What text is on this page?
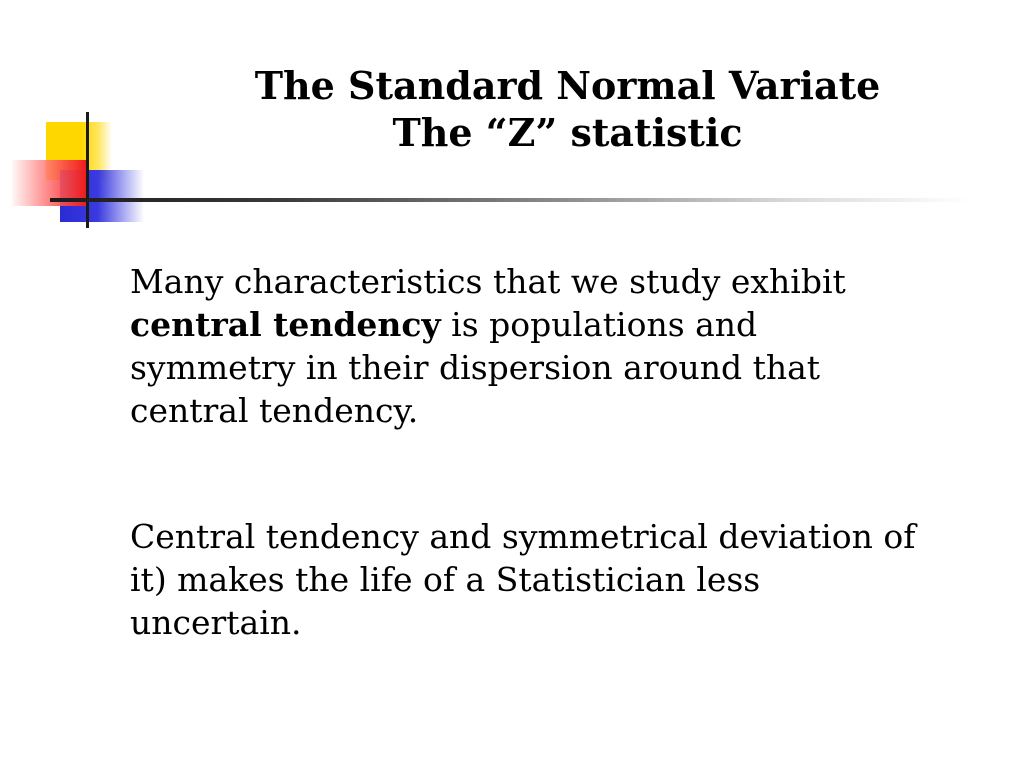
The Standard Normal Variate
The “Z” statistic

Many characteristics that we study exhibit central tendency is populations and symmetry in their dispersion around that central tendency.

Central tendency and symmetrical deviation of it) makes the life of a Statistician less uncertain.
